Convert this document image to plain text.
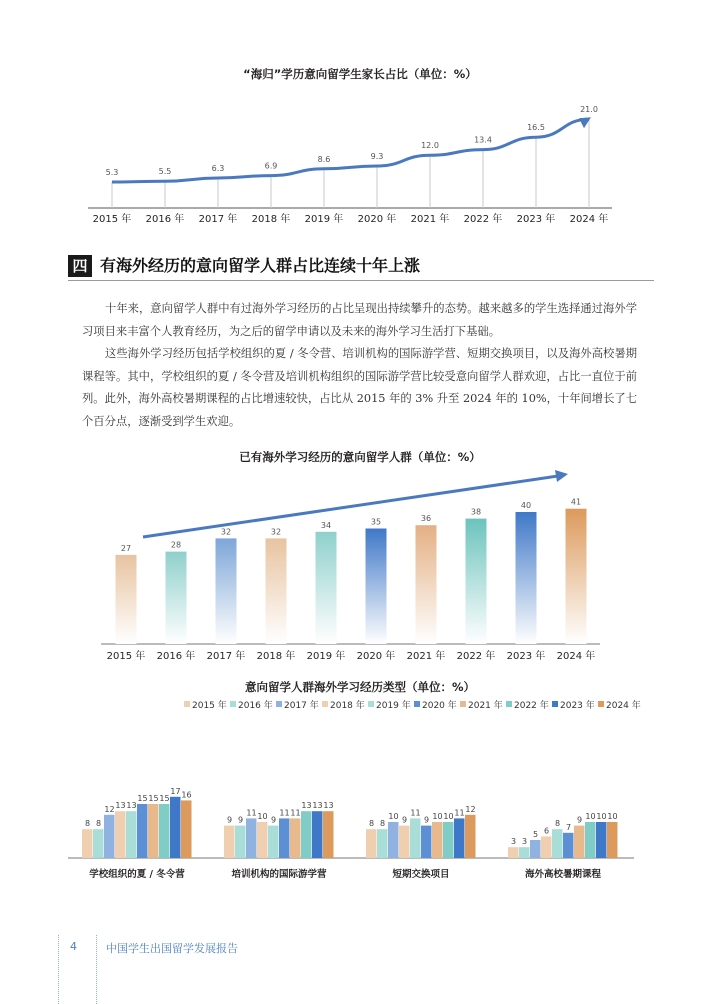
“海归”学历意向留学生家长占比（单位：%）
5.3
2015 年
5.5
2016 年
6.3
2017 年
6.9
2018 年
8.6
2019 年
9.3
2020 年
12.0
2021 年
13.4
2022 年
16.5
2023 年
21.0
2024 年
四 有海外经历的意向留学人群占比连续十年上涨

十年来，意向留学人群中有过海外学习经历的占比呈现出持续攀升的态势。越来越多的学生选择通过海外学习项目来丰富个人教育经历，为之后的留学申请以及未来的海外学习生活打下基础。

这些海外学习经历包括学校组织的夏 / 冬令营、培训机构的国际游学营、短期交换项目，以及海外高校暑期课程等。其中，学校组织的夏 / 冬令营及培训机构组织的国际游学营比较受意向留学人群欢迎，占比一直位于前列。此外，海外高校暑期课程的占比增速较快，占比从 2015 年的 3% 升至 2024 年的 10%，十年间增长了七个百分点，逐渐受到学生欢迎。

已有海外学习经历的意向留学人群（单位：%）
27
2015 年
28
2016 年
32
2017 年
32
2018 年
34
2019 年
35
2020 年
36
2021 年
38
2022 年
40
2023 年
41
2024 年
意向留学人群海外学习经历类型（单位：%）
2015 年 2016 年 2017 年 2018 年 2019 年 2020 年 2021 年 2022 年 2023 年 2024 年
8 8
12 13 13
15 15 15
17 16
学校组织的夏 / 冬令营
9 9
11 10 9
11 11
13 13 13
培训机构的国际游学营
8 8
10 9
11
9 10 10 11 12
短期交换项目
3 3
5 6
8 7
9 10 10 10
海外高校暑期课程
4	中国学生出国留学发展报告
